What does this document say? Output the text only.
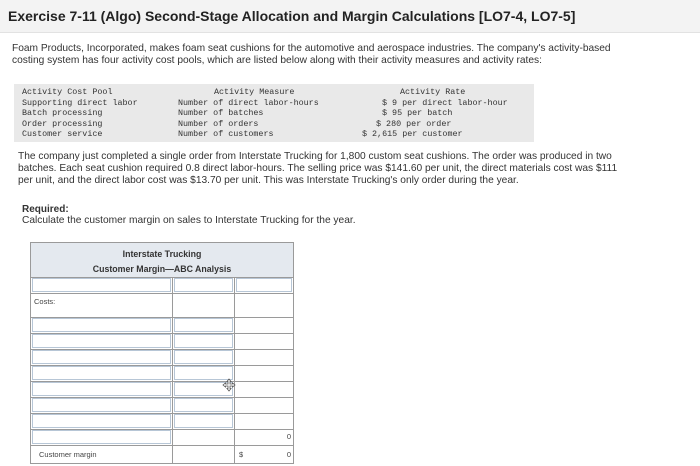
Exercise 7-11 (Algo) Second-Stage Allocation and Margin Calculations [LO7-4, LO7-5]
Foam Products, Incorporated, makes foam seat cushions for the automotive and aerospace industries. The company's activity-based
costing system has four activity cost pools, which are listed below along with their activity measures and activity rates:
Activity Cost Pool
Supporting direct labor
Batch processing
Order processing
Customer service
Activity Measure
Number of direct labor-hours
Number of batches
Number of orders
Number of customers
Activity Rate
$ 9 per direct labor-hour
$ 95 per batch
$ 280 per order
$ 2,615 per customer
The company just completed a single order from Interstate Trucking for 1,800 custom seat cushions. The order was produced in two
batches. Each seat cushion required 0.8 direct labor-hours. The selling price was $141.60 per unit, the direct materials cost was $111
per unit, and the direct labor cost was $13.70 per unit. This was Interstate Trucking's only order during the year.
Required:
Calculate the customer margin on sales to Interstate Trucking for the year.
Interstate Trucking
Customer Margin—ABC Analysis
Costs:
0
Customer margin	$	0
